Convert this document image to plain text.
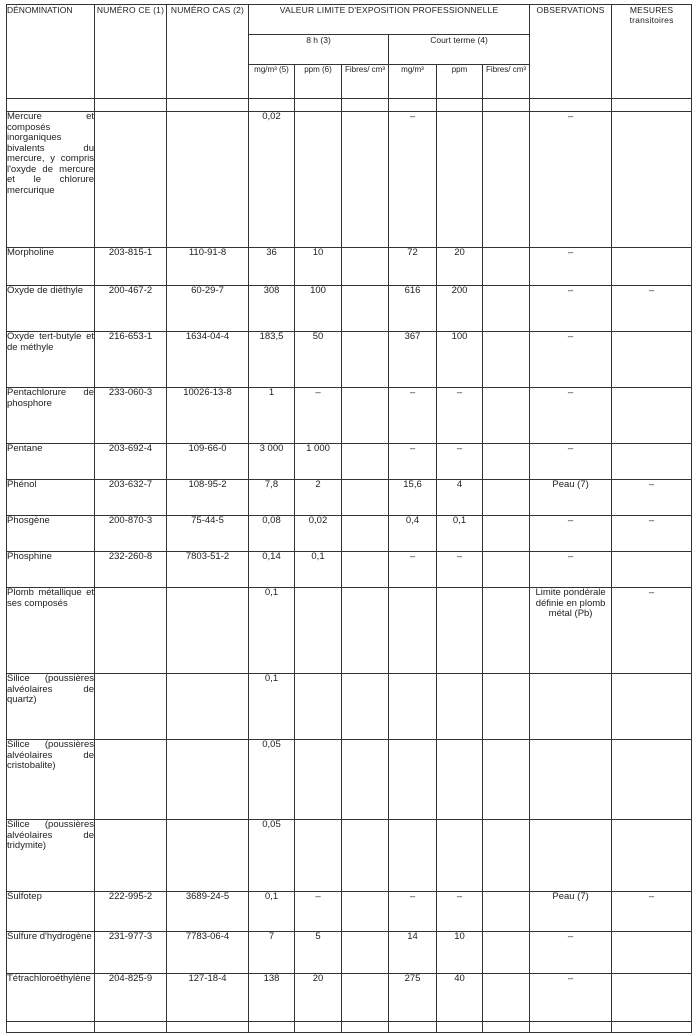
DÉNOMINATION	NUMÉRO CE (1)	NUMÉRO CAS (2)	VALEUR LIMITE D'EXPOSITION PROFESSIONNELLE						OBSERVATIONS	MESURES transitoires
			8 h (3)			Court terme (4)				
			mg/m³ (5)	ppm (6)	Fibres/ cm³	mg/m³	ppm	Fibres/ cm³		

Mercure et composés inorganiques bivalents du mercure, y compris l'oxyde de mercure et le chlorure mercurique			0,02			–			–	
Morpholine	203-815-1	110-91-8	36	10		72	20		–	
Oxyde de diéthyle	200-467-2	60-29-7	308	100		616	200		–	–
Oxyde tert-butyle et de méthyle	216-653-1	1634-04-4	183,5	50		367	100		–	
Pentachlorure de phosphore	233-060-3	10026-13-8	1	–		–	–		–	
Pentane	203-692-4	109-66-0	3 000	1 000		–	–		–	
Phénol	203-632-7	108-95-2	7,8	2		15,6	4		Peau (7)	–
Phosgène	200-870-3	75-44-5	0,08	0,02		0,4	0,1		–	–
Phosphine	232-260-8	7803-51-2	0,14	0,1		–	–		–	
Plomb métallique et ses composés			0,1						Limite pondérale définie en plomb métal (Pb)	–
Silice (poussières alvéolaires de quartz)			0,1							
Silice (poussières alvéolaires de cristobalite)			0,05							
Silice (poussières alvéolaires de tridymite)			0,05							
Sulfotep	222-995-2	3689-24-5	0,1	–		–	–		Peau (7)	–
Sulfure d'hydrogène	231-977-3	7783-06-4	7	5		14	10		–	
Tétrachloroéthylène	204-825-9	127-18-4	138	20		275	40		–	
